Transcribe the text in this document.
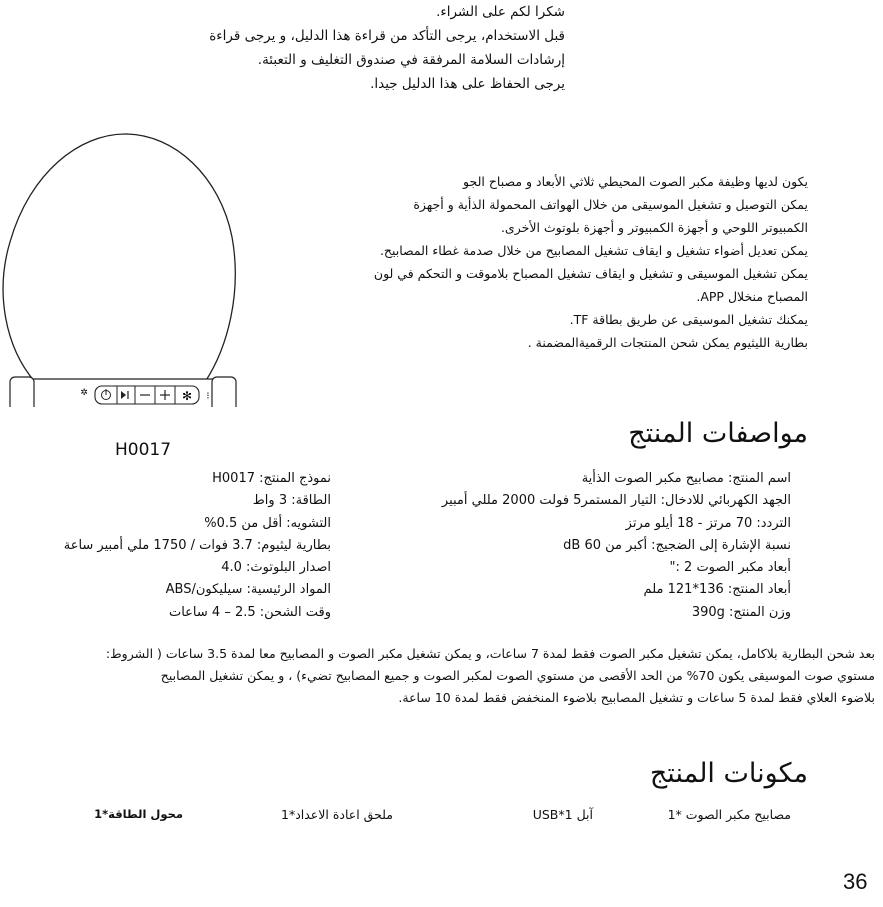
شكرا لكم على الشراء.
قبل الاستخدام، يرجى التأكد من قراءة هذا الدليل، و يرجى قراءة
إرشادات السلامة المرفقة في صندوق التغليف و التعبئة.
يرجى الحفاظ على هذا الدليل جيدا.
✲	✻ ⁝
H0017
يكون لديها وظيفة مكبر الصوت المحيطي ثلاثي الأبعاد و مصباح الجو
يمكن التوصيل و تشغيل الموسيقى من خلال الهواتف المحمولة الذأية و أجهزة
الكمبيوتر اللوحي و أجهزة الكمبيوتر و أجهزة بلوتوث الأخرى.
يمكن تعديل أضواء تشغيل و ايقاف تشغيل المصابيح من خلال صدمة غطاء المصابيح.
يمكن تشغيل الموسيقى و تشغيل و ايقاف تشغيل المصباح بلاموقت و التحكم في لون
المصباح منخلال APP.
يمكنك تشغيل الموسيقى عن طريق بطاقة TF.
بطارية الليثيوم يمكن شحن المنتجات الرقميةالمضمنة .
مواصفات المنتج
اسم المنتج: مصابيح مكبر الصوت الذأية
الجهد الكهربائي للادخال: التيار المستمر5 فولت 2000 مللي أمبير
التردد: 70 مرتز - 18 أيلو مرتز
نسبة الإشارة إلى الضجيج: أكبر من 60 dB
أبعاد مكبر الصوت 2 :"
أبعاد المنتج: 136*121 ملم
وزن المنتج: 390g
نموذج المنتج: H0017
الطاقة: 3 واط
التشويه: أقل من 0.5%
بطارية ليثيوم: 3.7 فوات / 1750 ملي أمبير ساعة
اصدار البلوتوث: 4.0
المواد الرئيسية: سيليكون/ABS
وقت الشحن: 2.5 – 4 ساعات
بعد شحن البطارية بلاكامل، يمكن تشغيل مكبر الصوت فقط لمدة 7 ساعات، و يمكن تشغيل مكبر الصوت و المصابيح معا لمدة 3.5 ساعات ( الشروط:
مستوي صوت الموسيقى يكون 70% من الحد الأقصى من مستوي الصوت لمكبر الصوت و جميع المصابيح تضيء) ، و يمكن تشغيل المصابيح
بلاضوء العلاي فقط لمدة 5 ساعات و تشغيل المصابيح بلاضوء المنخفض فقط لمدة 10 ساعة.
مكونات المنتج
مصابيح مكبر الصوت *1
آبل USB*1
ملحق اعادة الاعداد*1
محول الطاقة*1
36
